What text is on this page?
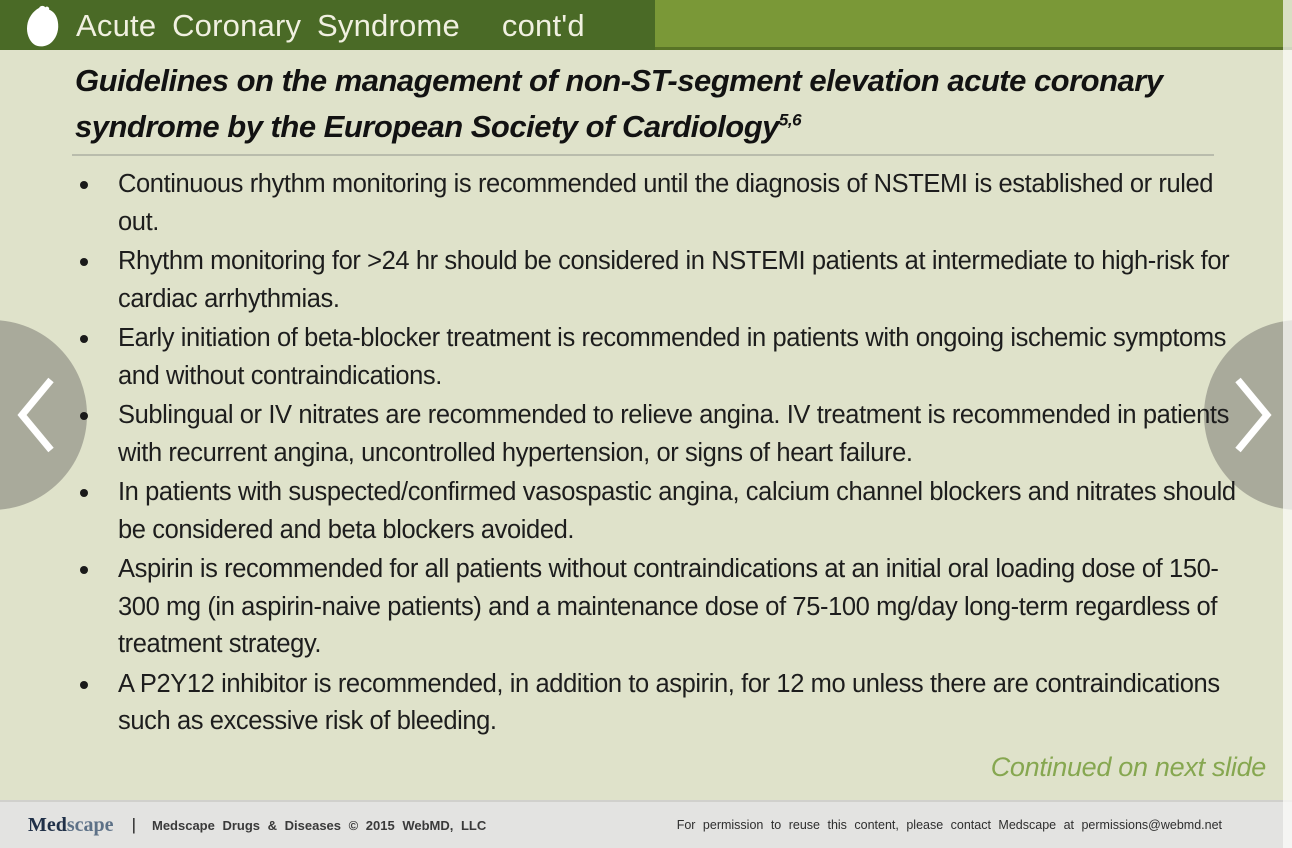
Acute Coronary Syndrome cont'd
Guidelines on the management of non-ST-segment elevation acute coronary syndrome by the European Society of Cardiology$^{5,6}$
Continuous rhythm monitoring is recommended until the diagnosis of NSTEMI is established or ruled out.
Rhythm monitoring for >24 hr should be considered in NSTEMI patients at intermediate to high-risk for cardiac arrhythmias.
Early initiation of beta-blocker treatment is recommended in patients with ongoing ischemic symptoms and without contraindications.
Sublingual or IV nitrates are recommended to relieve angina. IV treatment is recommended in patients with recurrent angina, uncontrolled hypertension, or signs of heart failure.
In patients with suspected/confirmed vasospastic angina, calcium channel blockers and nitrates should be considered and beta blockers avoided.
Aspirin is recommended for all patients without contraindications at an initial oral loading dose of 150-300 mg (in aspirin-naive patients) and a maintenance dose of 75-100 mg/day long-term regardless of treatment strategy.
A P2Y12 inhibitor is recommended, in addition to aspirin, for 12 mo unless there are contraindications such as excessive risk of bleeding.
Continued on next slide
Medscape | Medscape Drugs & Diseases © 2015 WebMD, LLC	For permission to reuse this content, please contact Medscape at permissions@webmd.net
